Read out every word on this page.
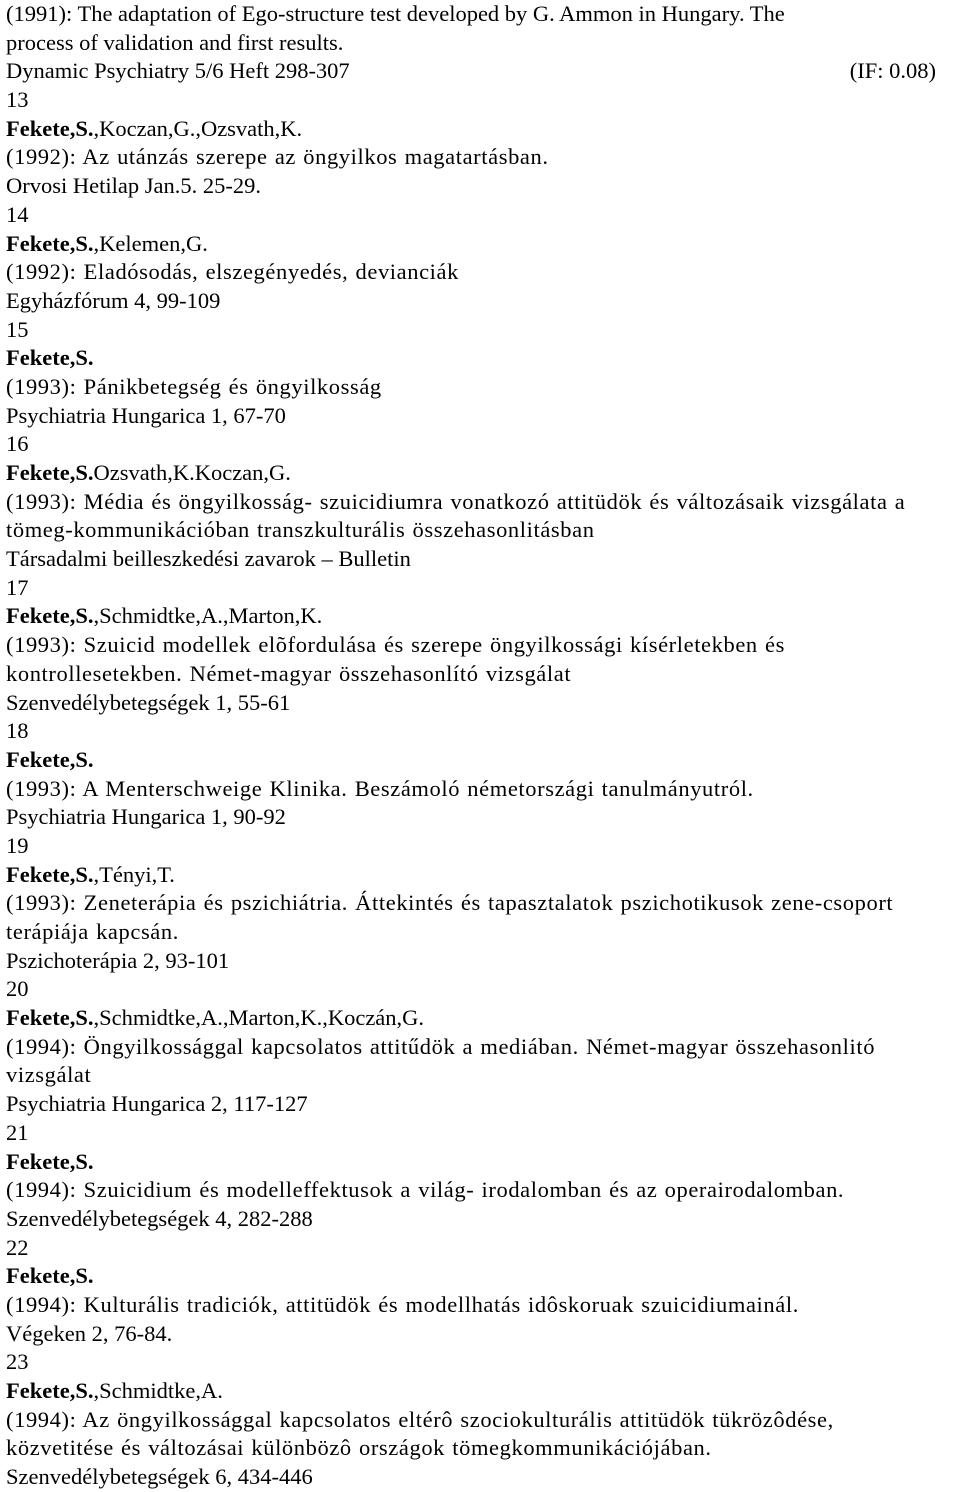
(1991): The adaptation of Ego-structure test developed by G. Ammon in Hungary. The
process of validation and first results.
Dynamic Psychiatry 5/6 Heft 298-307	(IF: 0.08)
13
Fekete,S.,Koczan,G.,Ozsvath,K.
(1992): Az utánzás szerepe az öngyilkos magatartásban.
Orvosi Hetilap Jan.5. 25-29.
14
Fekete,S.,Kelemen,G.
(1992): Eladósodás, elszegényedés, devianciák
Egyházfórum 4, 99-109
15
Fekete,S.
(1993): Pánikbetegség és öngyilkosság
Psychiatria Hungarica 1, 67-70
16
Fekete,S.Ozsvath,K.Koczan,G.
(1993): Média és öngyilkosság- szuicidiumra vonatkozó attitüdök és változásaik vizsgálata a
tömeg-kommunikációban transzkulturális összehasonlitásban
Társadalmi beilleszkedési zavarok – Bulletin
17
Fekete,S.,Schmidtke,A.,Marton,K.
(1993): Szuicid modellek elõfordulása és szerepe öngyilkossági kísérletekben és
kontrollesetekben. Német-magyar összehasonlító vizsgálat
Szenvedélybetegségek 1, 55-61
18
Fekete,S.
(1993): A Menterschweige Klinika. Beszámoló németországi tanulmányutról.
Psychiatria Hungarica 1, 90-92
19
Fekete,S.,Tényi,T.
(1993): Zeneterápia és pszichiátria. Áttekintés és tapasztalatok pszichotikusok zene-csoport
terápiája kapcsán.
Pszichoterápia 2, 93-101
20
Fekete,S.,Schmidtke,A.,Marton,K.,Koczán,G.
(1994): Öngyilkossággal kapcsolatos attitűdök a mediában. Német-magyar összehasonlitó
vizsgálat
Psychiatria Hungarica 2, 117-127
21
Fekete,S.
(1994): Szuicidium és modelleffektusok a világ- irodalomban és az operairodalomban.
Szenvedélybetegségek 4, 282-288
22
Fekete,S.
(1994): Kulturális tradiciók, attitüdök és modellhatás idôskoruak szuicidiumainál.
Végeken 2, 76-84.
23
Fekete,S.,Schmidtke,A.
(1994): Az öngyilkossággal kapcsolatos eltérô szociokulturális attitüdök tükrözôdése,
közvetitése és változásai különbözô országok tömegkommunikációjában.
Szenvedélybetegségek 6, 434-446
